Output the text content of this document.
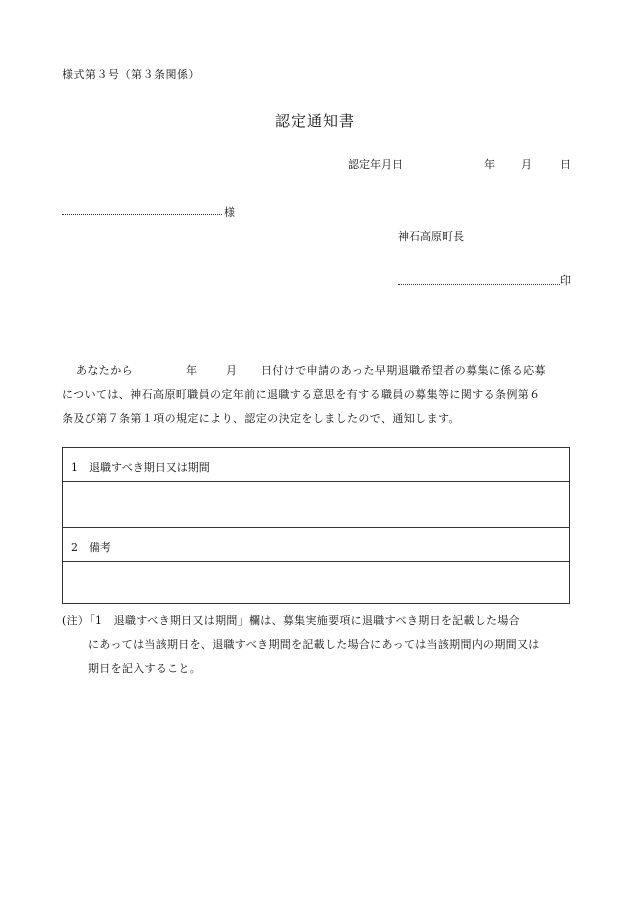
様式第３号（第３条関係）
認定通知書
認定年月日	年 月	日
様
神石高原町長
印
あなたから	年	月 日付けで申請のあった早期退職希望者の募集に係る応募
については、神石高原町職員の定年前に退職する意思を有する職員の募集等に関する条例第６
条及び第７条第１項の規定により、認定の決定をしましたので、通知します。
1　退職すべき期日又は期間
2　備考
(注）「1　退職すべき期日又は期間」欄は、募集実施要項に退職すべき期日を記載した場合
にあっては当該期日を、退職すべき期間を記載した場合にあっては当該期間内の期間又は
期日を記入すること。
